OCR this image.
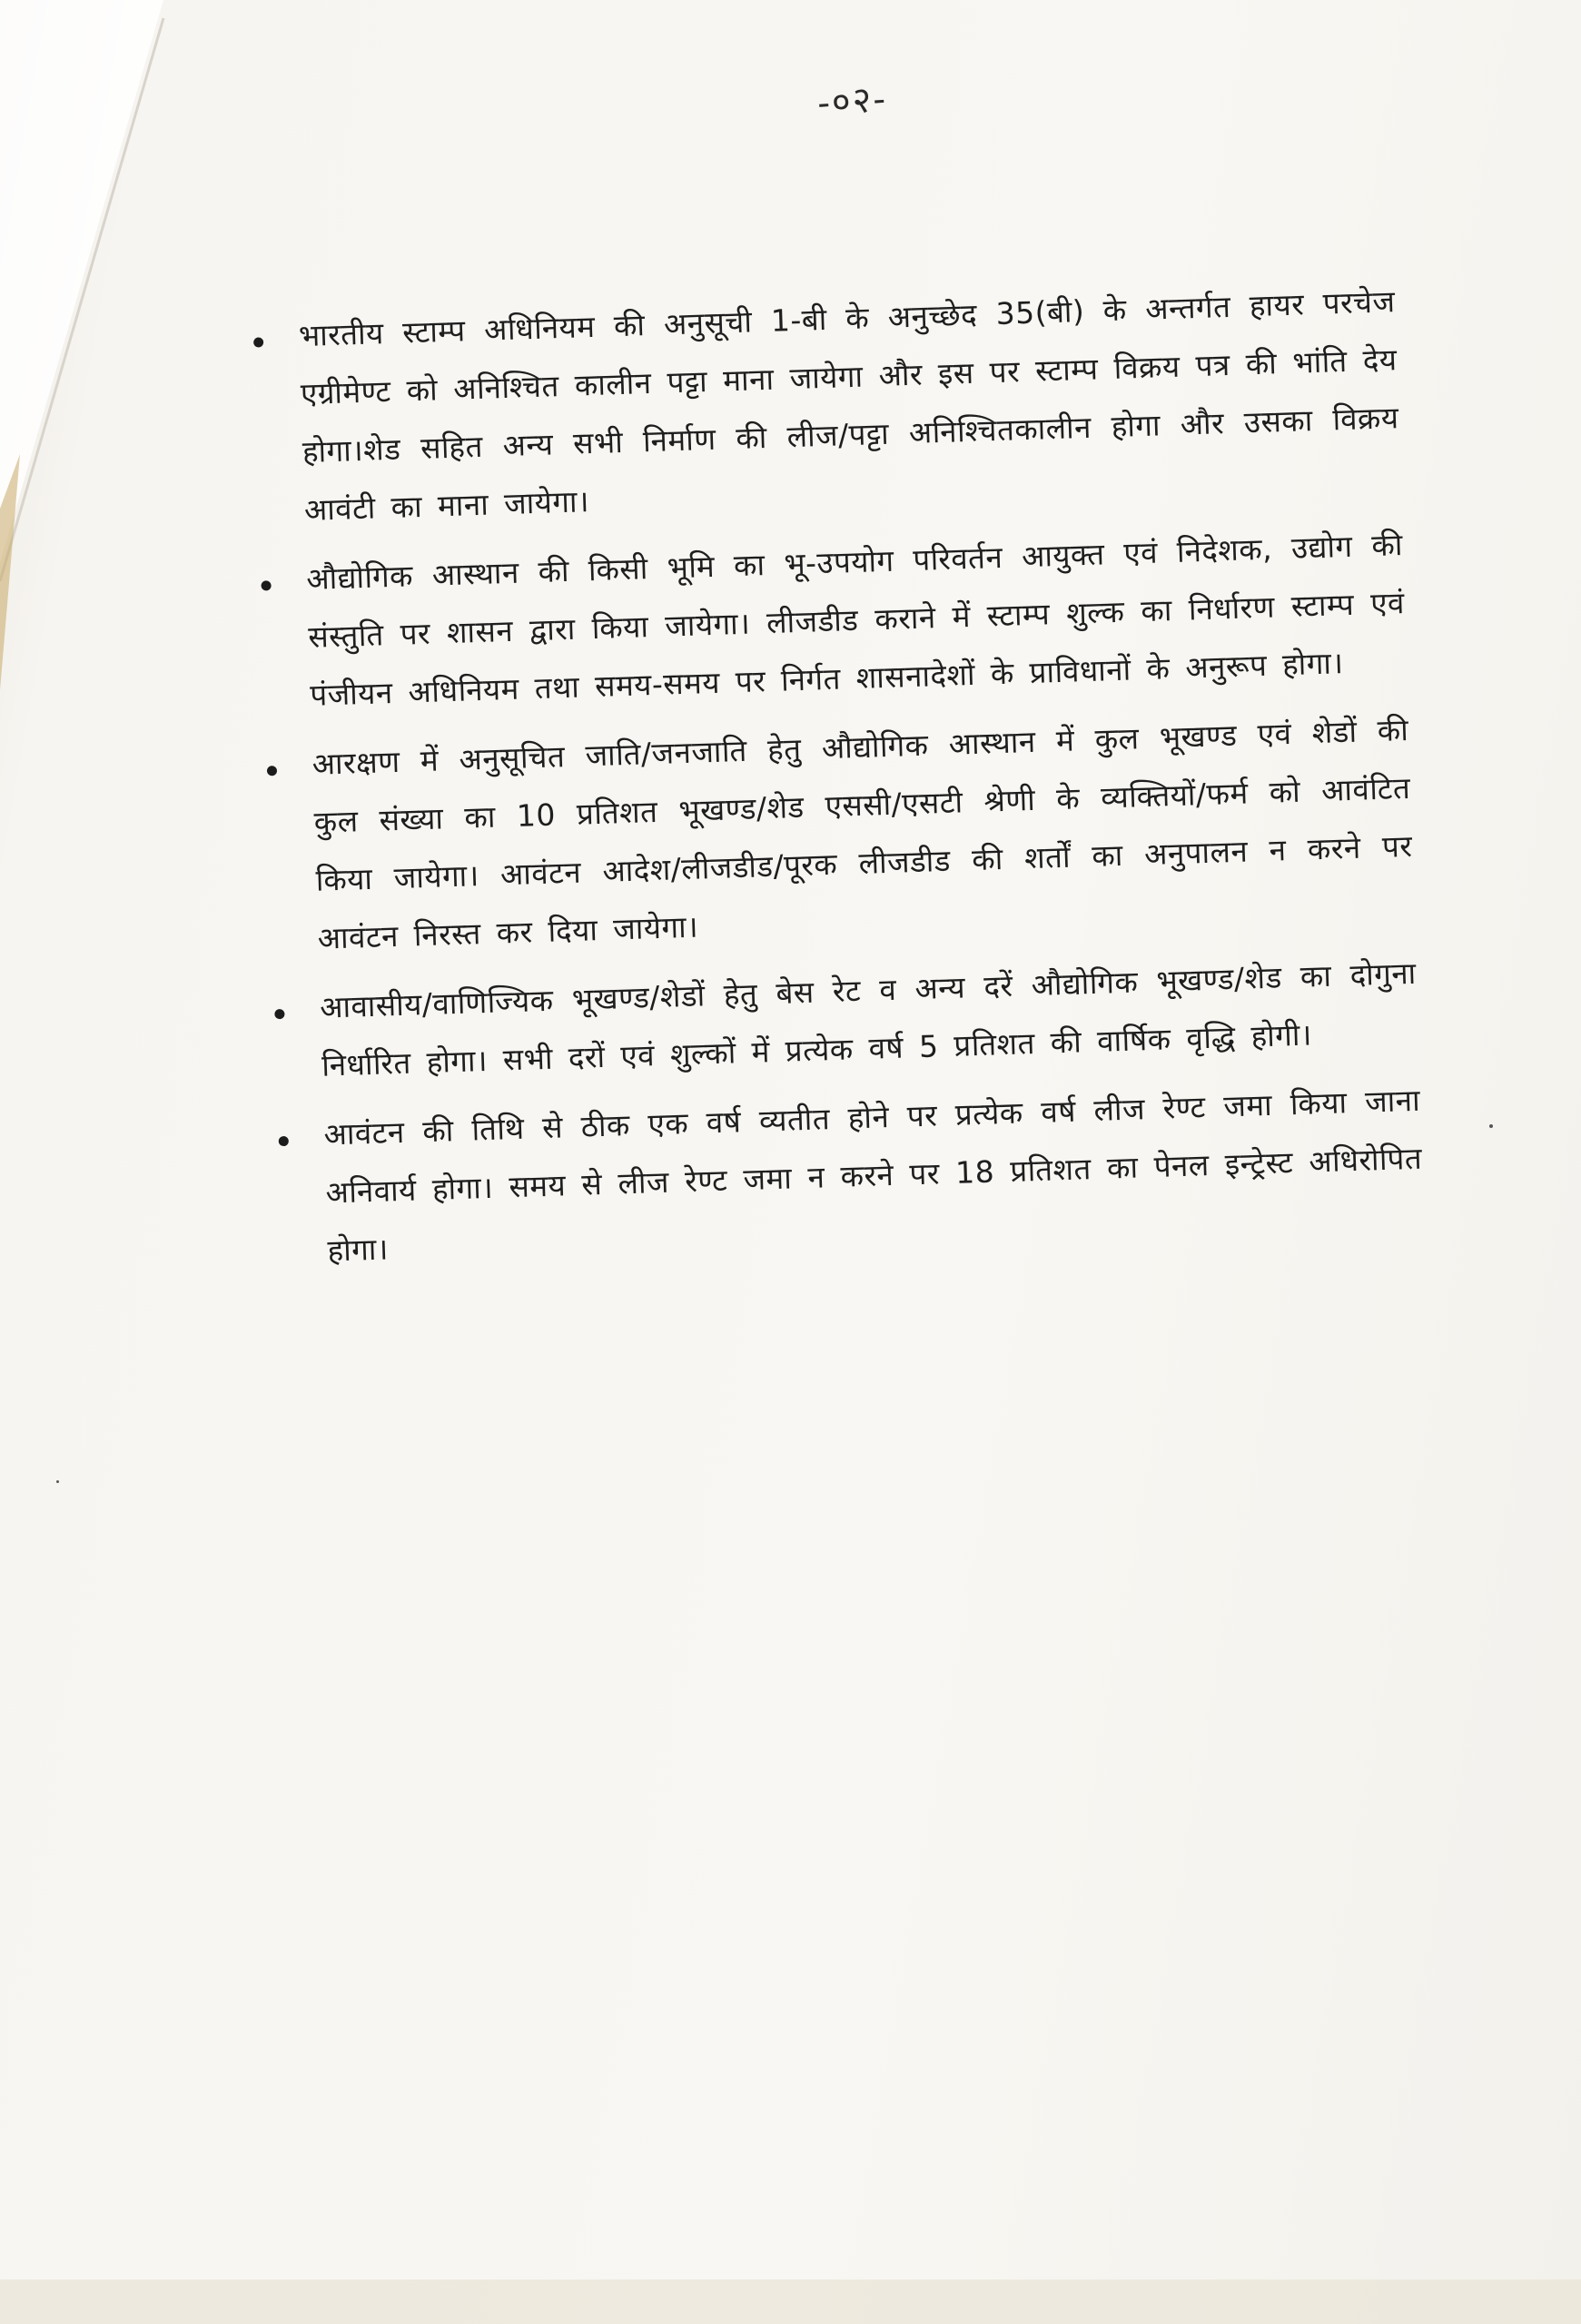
-०२-
भारतीय स्टाम्प अधिनियम की अनुसूची 1-बी के अनुच्छेद 35(बी) के अन्तर्गत हायर परचेज एग्रीमेण्ट को अनिश्चित कालीन पट्टा माना जायेगा और इस पर स्टाम्प विक्रय पत्र की भांति देय होगा।शेड सहित अन्य सभी निर्माण की लीज/पट्टा अनिश्चितकालीन होगा और उसका विक्रय आवंटी का माना जायेगा।
औद्योगिक आस्थान की किसी भूमि का भू-उपयोग परिवर्तन आयुक्त एवं निदेशक, उद्योग की संस्तुति पर शासन द्वारा किया जायेगा। लीजडीड कराने में स्टाम्प शुल्क का निर्धारण स्टाम्प एवं पंजीयन अधिनियम तथा समय-समय पर निर्गत शासनादेशों के प्राविधानों के अनुरूप होगा।
आरक्षण में अनुसूचित जाति/जनजाति हेतु औद्योगिक आस्थान में कुल भूखण्ड एवं शेडों की कुल संख्या का 10 प्रतिशत भूखण्ड/शेड एससी/एसटी श्रेणी के व्यक्तियों/फर्म को आवंटित किया जायेगा। आवंटन आदेश/लीजडीड/पूरक लीजडीड की शर्तों का अनुपालन न करने पर आवंटन निरस्त कर दिया जायेगा।
आवासीय/वाणिज्यिक भूखण्ड/शेडों हेतु बेस रेट व अन्य दरें औद्योगिक भूखण्ड/शेड का दोगुना निर्धारित होगा। सभी दरों एवं शुल्कों में प्रत्येक वर्ष 5 प्रतिशत की वार्षिक वृद्धि होगी।
आवंटन की तिथि से ठीक एक वर्ष व्यतीत होने पर प्रत्येक वर्ष लीज रेण्ट जमा किया जाना अनिवार्य होगा। समय से लीज रेण्ट जमा न करने पर 18 प्रतिशत का पेनल इन्ट्रेस्ट अधिरोपित होगा।
